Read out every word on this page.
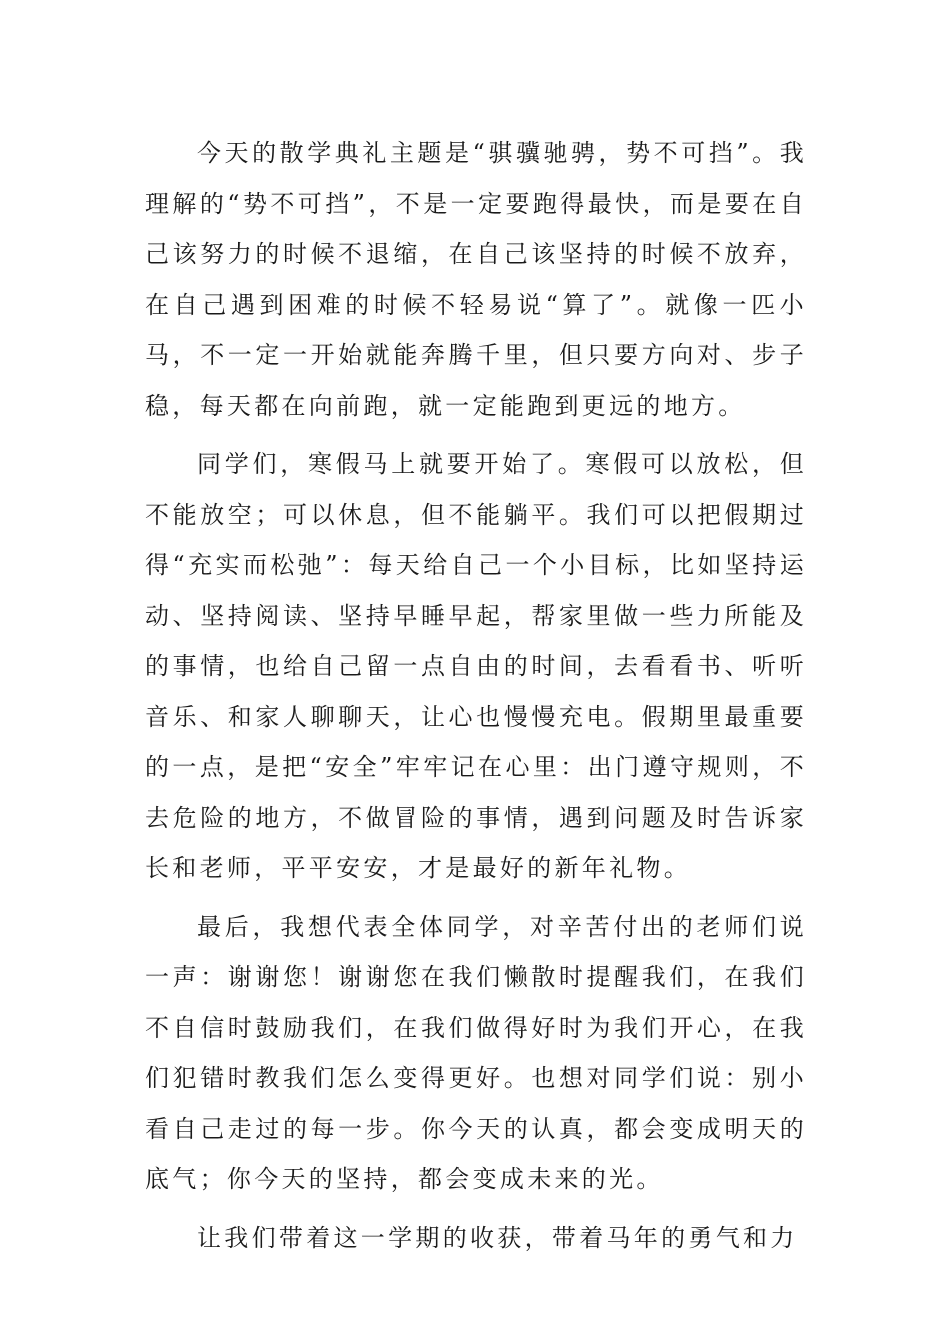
今天的散学典礼主题是“骐骥驰骋，势不可挡”。我理解的“势不可挡”，不是一定要跑得最快，而是要在自己该努力的时候不退缩，在自己该坚持的时候不放弃，在自己遇到困难的时候不轻易说“算了”。就像一匹小马，不一定一开始就能奔腾千里，但只要方向对、步子稳，每天都在向前跑，就一定能跑到更远的地方。

同学们，寒假马上就要开始了。寒假可以放松，但不能放空；可以休息，但不能躺平。我们可以把假期过得“充实而松弛”：每天给自己一个小目标，比如坚持运动、坚持阅读、坚持早睡早起，帮家里做一些力所能及的事情，也给自己留一点自由的时间，去看看书、听听音乐、和家人聊聊天，让心也慢慢充电。假期里最重要的一点，是把“安全”牢牢记在心里：出门遵守规则，不去危险的地方，不做冒险的事情，遇到问题及时告诉家长和老师，平平安安，才是最好的新年礼物。

最后，我想代表全体同学，对辛苦付出的老师们说一声：谢谢您！谢谢您在我们懒散时提醒我们，在我们不自信时鼓励我们，在我们做得好时为我们开心，在我们犯错时教我们怎么变得更好。也想对同学们说：别小看自己走过的每一步。你今天的认真，都会变成明天的底气；你今天的坚持，都会变成未来的光。

让我们带着这一学期的收获，带着马年的勇气和力
